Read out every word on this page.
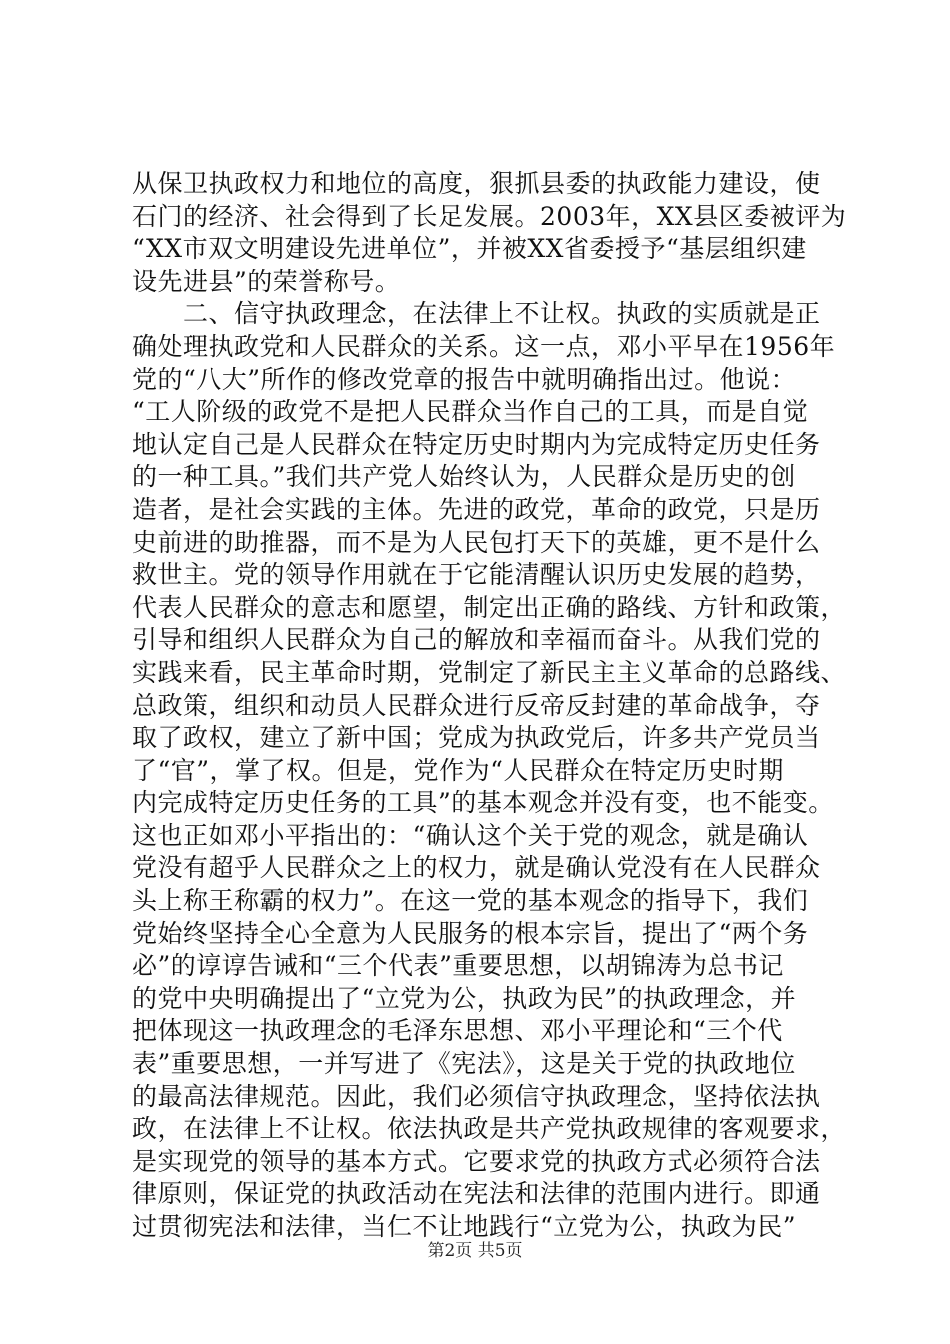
从保卫执政权力和地位的高度，狠抓县委的执政能力建设，使
石门的经济、社会得到了长足发展。2003年，XX县区委被评为
“XX市双文明建设先进单位”，并被XX省委授予“基层组织建
设先进县”的荣誉称号。
　　二、信守执政理念，在法律上不让权。执政的实质就是正
确处理执政党和人民群众的关系。这一点，邓小平早在1956年
党的“八大”所作的修改党章的报告中就明确指出过。他说：
“工人阶级的政党不是把人民群众当作自己的工具，而是自觉
地认定自己是人民群众在特定历史时期内为完成特定历史任务
的一种工具。”我们共产党人始终认为，人民群众是历史的创
造者，是社会实践的主体。先进的政党，革命的政党，只是历
史前进的助推器，而不是为人民包打天下的英雄，更不是什么
救世主。党的领导作用就在于它能清醒认识历史发展的趋势，
代表人民群众的意志和愿望，制定出正确的路线、方针和政策，
引导和组织人民群众为自己的解放和幸福而奋斗。从我们党的
实践来看，民主革命时期，党制定了新民主主义革命的总路线、
总政策，组织和动员人民群众进行反帝反封建的革命战争，夺
取了政权，建立了新中国；党成为执政党后，许多共产党员当
了“官”，掌了权。但是，党作为“人民群众在特定历史时期
内完成特定历史任务的工具”的基本观念并没有变，也不能变。
这也正如邓小平指出的：“确认这个关于党的观念，就是确认
党没有超乎人民群众之上的权力，就是确认党没有在人民群众
头上称王称霸的权力”。在这一党的基本观念的指导下，我们
党始终坚持全心全意为人民服务的根本宗旨，提出了“两个务
必”的谆谆告诫和“三个代表”重要思想，以胡锦涛为总书记
的党中央明确提出了“立党为公，执政为民”的执政理念，并
把体现这一执政理念的毛泽东思想、邓小平理论和“三个代
表”重要思想，一并写进了《宪法》，这是关于党的执政地位
的最高法律规范。因此，我们必须信守执政理念，坚持依法执
政，在法律上不让权。依法执政是共产党执政规律的客观要求，
是实现党的领导的基本方式。它要求党的执政方式必须符合法
律原则，保证党的执政活动在宪法和法律的范围内进行。即通
过贯彻宪法和法律，当仁不让地践行“立党为公，执政为民”
第2页 共5页
